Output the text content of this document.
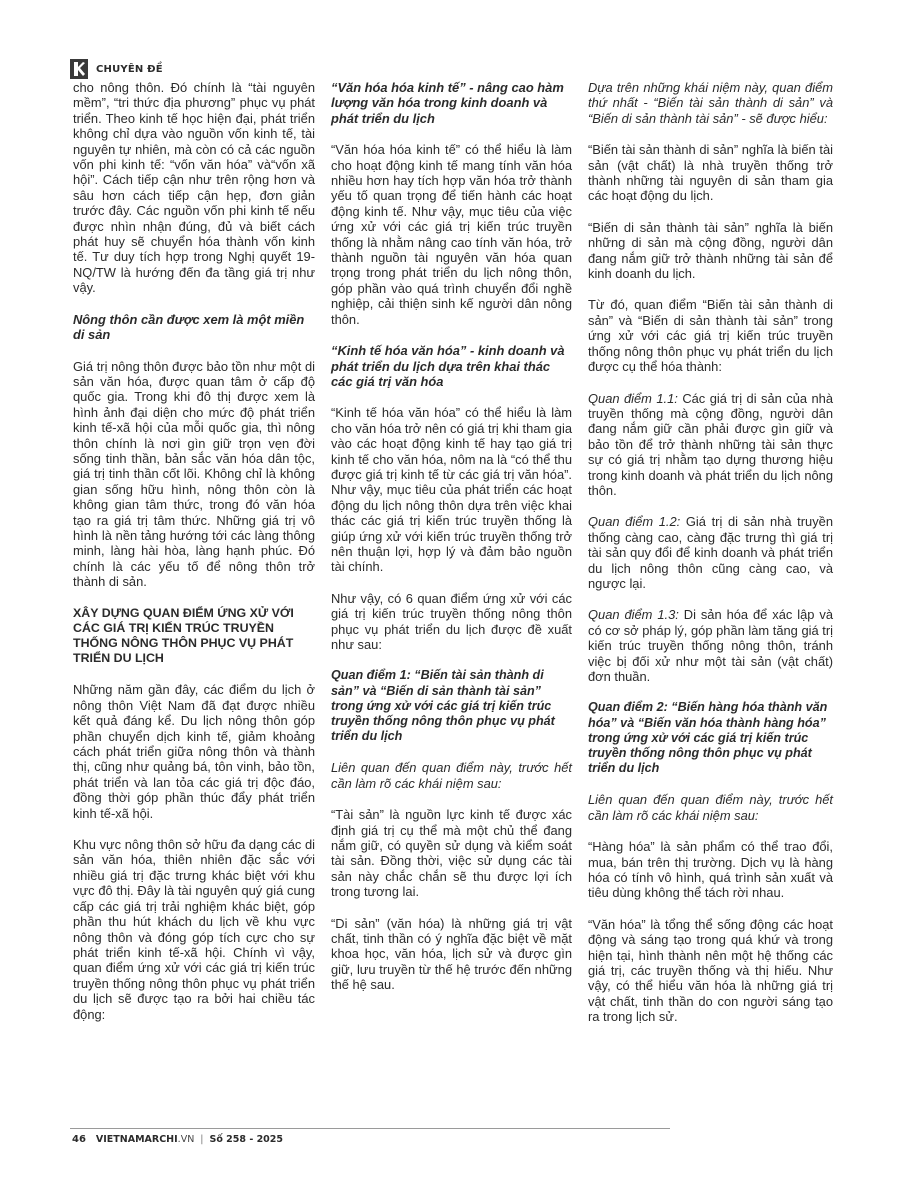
CHUYÊN ĐỀ

cho nông thôn. Đó chính là “tài nguyên mềm”, “tri thức địa phương” phục vụ phát triển. Theo kinh tế học hiện đại, phát triển không chỉ dựa vào nguồn vốn kinh tế, tài nguyên tự nhiên, mà còn có cả các nguồn vốn phi kinh tế: “vốn văn hóa” và“vốn xã hội”. Cách tiếp cận như trên rộng hơn và sâu hơn cách tiếp cận hẹp, đơn giản trước đây. Các nguồn vốn phi kinh tế nếu được nhìn nhận đúng, đủ và biết cách phát huy sẽ chuyển hóa thành vốn kinh tế. Tư duy tích hợp trong Nghị quyết 19-NQ/TW là hướng đến đa tầng giá trị như vậy.

Nông thôn cần được xem là một miền di sản

Giá trị nông thôn được bảo tồn như một di sản văn hóa, được quan tâm ở cấp độ quốc gia. Trong khi đô thị được xem là hình ảnh đại diện cho mức độ phát triển kinh tế-xã hội của mỗi quốc gia, thì nông thôn chính là nơi gìn giữ trọn vẹn đời sống tinh thần, bản sắc văn hóa dân tộc, giá trị tinh thần cốt lõi. Không chỉ là không gian sống hữu hình, nông thôn còn là không gian tâm thức, trong đó văn hóa tạo ra giá trị tâm thức. Những giá trị vô hình là nền tảng hướng tới các làng thông minh, làng hài hòa, làng hạnh phúc. Đó chính là các yếu tố để nông thôn trở thành di sản.

XÂY DỰNG QUAN ĐIỂM ỨNG XỬ VỚI CÁC GIÁ TRỊ KIẾN TRÚC TRUYỀN THỐNG NÔNG THÔN PHỤC VỤ PHÁT TRIỂN DU LỊCH

Những năm gần đây, các điểm du lịch ở nông thôn Việt Nam đã đạt được nhiều kết quả đáng kể. Du lịch nông thôn góp phần chuyển dịch kinh tế, giảm khoảng cách phát triển giữa nông thôn và thành thị, cũng như quảng bá, tôn vinh, bảo tồn, phát triển và lan tỏa các giá trị độc đáo, đồng thời góp phần thúc đẩy phát triển kinh tế-xã hội.

Khu vực nông thôn sở hữu đa dạng các di sản văn hóa, thiên nhiên đặc sắc với nhiều giá trị đặc trưng khác biệt với khu vực đô thị. Đây là tài nguyên quý giá cung cấp các giá trị trải nghiệm khác biệt, góp phần thu hút khách du lịch về khu vực nông thôn và đóng góp tích cực cho sự phát triển kinh tế-xã hội. Chính vì vậy, quan điểm ứng xử với các giá trị kiến trúc truyền thống nông thôn phục vụ phát triển du lịch sẽ được tạo ra bởi hai chiều tác động:

“Văn hóa hóa kinh tế” - nâng cao hàm lượng văn hóa trong kinh doanh và phát triển du lịch

“Văn hóa hóa kinh tế” có thể hiểu là làm cho hoạt động kinh tế mang tính văn hóa nhiều hơn hay tích hợp văn hóa trở thành yếu tố quan trọng để tiến hành các hoạt động kinh tế. Như vậy, mục tiêu của việc ứng xử với các giá trị kiến trúc truyền thống là nhằm nâng cao tính văn hóa, trở thành nguồn tài nguyên văn hóa quan trọng trong phát triển du lịch nông thôn, góp phần vào quá trình chuyển đổi nghề nghiệp, cải thiện sinh kế người dân nông thôn.

“Kinh tế hóa văn hóa” - kinh doanh và phát triển du lịch dựa trên khai thác các giá trị văn hóa

“Kinh tế hóa văn hóa” có thể hiểu là làm cho văn hóa trở nên có giá trị khi tham gia vào các hoạt động kinh tế hay tạo giá trị kinh tế cho văn hóa, nôm na là “có thể thu được giá trị kinh tế từ các giá trị văn hóa”. Như vậy, mục tiêu của phát triển các hoạt động du lịch nông thôn dựa trên việc khai thác các giá trị kiến trúc truyền thống là giúp ứng xử với kiến trúc truyền thống trở nên thuận lợi, hợp lý và đảm bảo nguồn tài chính.

Như vậy, có 6 quan điểm ứng xử với các giá trị kiến trúc truyền thống nông thôn phục vụ phát triển du lịch được đề xuất như sau:

Quan điểm 1: “Biến tài sản thành di sản” và “Biến di sản thành tài sản” trong ứng xử với các giá trị kiến trúc truyền thống nông thôn phục vụ phát triển du lịch

Liên quan đến quan điểm này, trước hết cần làm rõ các khái niệm sau:

“Tài sản” là nguồn lực kinh tế được xác định giá trị cụ thể mà một chủ thể đang nắm giữ, có quyền sử dụng và kiểm soát tài sản. Đồng thời, việc sử dụng các tài sản này chắc chắn sẽ thu được lợi ích trong tương lai.

“Di sản” (văn hóa) là những giá trị vật chất, tinh thần có ý nghĩa đặc biệt về mặt khoa học, văn hóa, lịch sử và được gìn giữ, lưu truyền từ thế hệ trước đến những thế hệ sau.

Dựa trên những khái niệm này, quan điểm thứ nhất - “Biến tài sản thành di sản” và “Biến di sản thành tài sản” - sẽ được hiểu:

“Biến tài sản thành di sản” nghĩa là biến tài sản (vật chất) là nhà truyền thống trở thành những tài nguyên di sản tham gia các hoạt động du lịch.

“Biến di sản thành tài sản” nghĩa là biến những di sản mà cộng đồng, người dân đang nắm giữ trở thành những tài sản để kinh doanh du lịch.

Từ đó, quan điểm “Biến tài sản thành di sản” và “Biến di sản thành tài sản” trong ứng xử với các giá trị kiến trúc truyền thống nông thôn phục vụ phát triển du lịch được cụ thể hóa thành:

Quan điểm 1.1: Các giá trị di sản của nhà truyền thống mà cộng đồng, người dân đang nắm giữ cần phải được gìn giữ và bảo tồn để trở thành những tài sản thực sự có giá trị nhằm tạo dựng thương hiệu trong kinh doanh và phát triển du lịch nông thôn.

Quan điểm 1.2: Giá trị di sản nhà truyền thống càng cao, càng đặc trưng thì giá trị tài sản quy đổi để kinh doanh và phát triển du lịch nông thôn cũng càng cao, và ngược lại.

Quan điểm 1.3: Di sản hóa để xác lập và có cơ sở pháp lý, góp phần làm tăng giá trị kiến trúc truyền thống nông thôn, tránh việc bị đối xử như một tài sản (vật chất) đơn thuần.

Quan điểm 2: “Biến hàng hóa thành văn hóa” và “Biến văn hóa thành hàng hóa” trong ứng xử với các giá trị kiến trúc truyền thống nông thôn phục vụ phát triển du lịch

Liên quan đến quan điểm này, trước hết cần làm rõ các khái niệm sau:

“Hàng hóa” là sản phẩm có thể trao đổi, mua, bán trên thị trường. Dịch vụ là hàng hóa có tính vô hình, quá trình sản xuất và tiêu dùng không thể tách rời nhau.

“Văn hóa” là tổng thể sống động các hoạt động và sáng tạo trong quá khứ và trong hiện tại, hình thành nên một hệ thống các giá trị, các truyền thống và thị hiếu. Như vậy, có thể hiểu văn hóa là những giá trị vật chất, tinh thần do con người sáng tạo ra trong lịch sử.

46 VIETNAMARCHI .VN | Số 258 - 2025
